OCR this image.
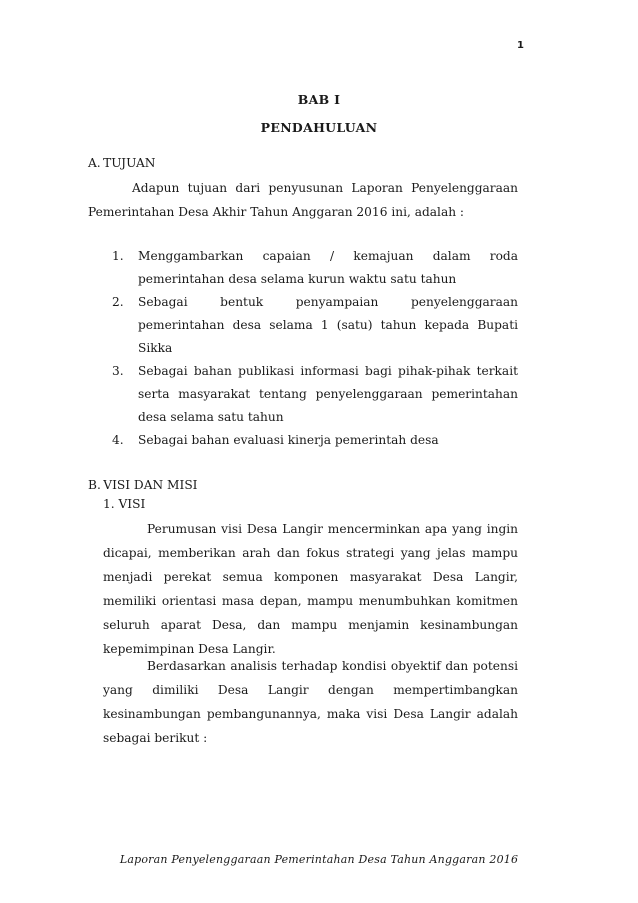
1
BAB I
PENDAHULUAN
A. TUJUAN

Adapun tujuan dari penyusunan Laporan Penyelenggaraan Pemerintahan Desa Akhir Tahun Anggaran 2016 ini, adalah :

1. Menggambarkan capaian / kemajuan dalam roda pemerintahan desa selama kurun waktu satu tahun
2. Sebagai bentuk penyampaian penyelenggaraan pemerintahan desa selama 1 (satu) tahun kepada Bupati Sikka
3. Sebagai bahan publikasi informasi bagi pihak-pihak terkait serta masyarakat tentang penyelenggaraan pemerintahan desa selama satu tahun
4. Sebagai bahan evaluasi kinerja pemerintah desa
B. VISI DAN MISI
1. VISI

Perumusan visi Desa Langir mencerminkan apa yang ingin dicapai, memberikan arah dan fokus strategi yang jelas mampu menjadi perekat semua komponen masyarakat Desa Langir, memiliki orientasi masa depan, mampu menumbuhkan komitmen seluruh aparat Desa, dan mampu menjamin kesinambungan kepemimpinan Desa Langir.

Berdasarkan analisis terhadap kondisi obyektif dan potensi yang dimiliki Desa Langir dengan mempertimbangkan kesinambungan pembangunannya, maka visi Desa Langir adalah sebagai berikut :

Laporan Penyelenggaraan Pemerintahan Desa Tahun Anggaran 2016
